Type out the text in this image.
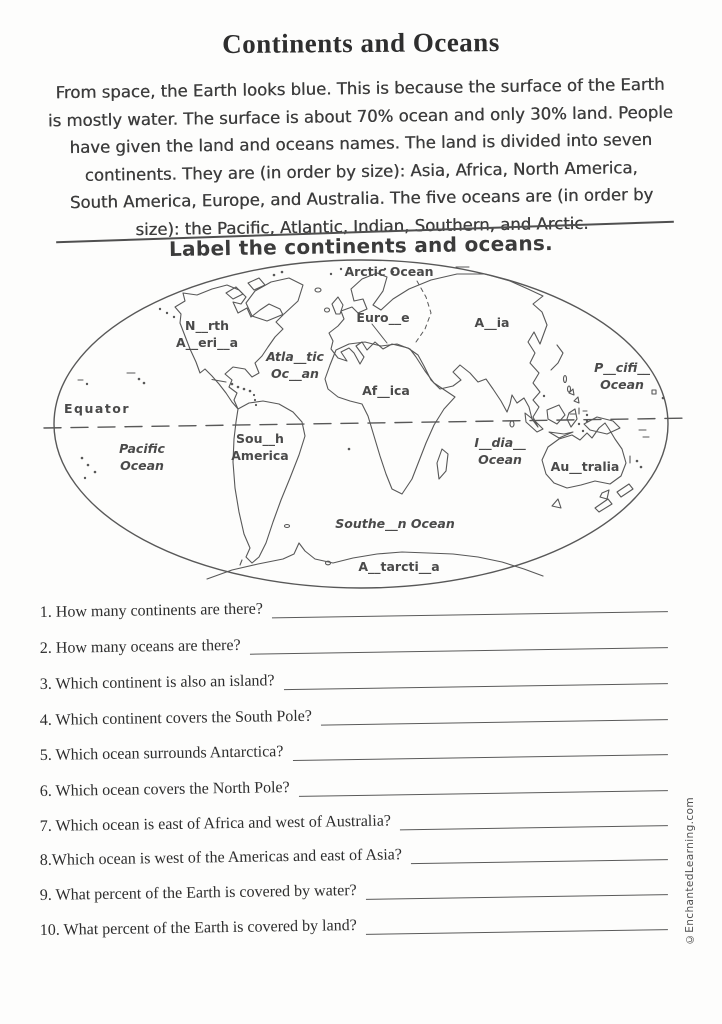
Continents and Oceans
From space, the Earth looks blue. This is because the surface of the Earth
is mostly water. The surface is about 70% ocean and only 30% land. People
have given the land and oceans names. The land is divided into seven
continents. They are (in order by size): Asia, Africa, North America,
South America, Europe, and Australia. The five oceans are (in order by
size): the Pacific, Atlantic, Indian, Southern, and Arctic.
Label the continents and oceans.
Arctic Ocean
N__rth
A__eri__a
Euro__e	A__ia
Atla__tic
Oc__an
Af__ica
P__cifi__
Ocean
Equator
Pacific
Ocean
Sou__h
America
I__dia__
Ocean Au__tralia
Southe__n Ocean
A__tarcti__a
1. How many continents are there?
2. How many oceans are there?
3. Which continent is also an island?
4. Which continent covers the South Pole?
5. Which ocean surrounds Antarctica?
6. Which ocean covers the North Pole?
7. Which ocean is east of Africa and west of Australia?
8.Which ocean is west of the Americas and east of Asia?
9. What percent of the Earth is covered by water?
10. What percent of the Earth is covered by land?	©EnchantedLearning.com
